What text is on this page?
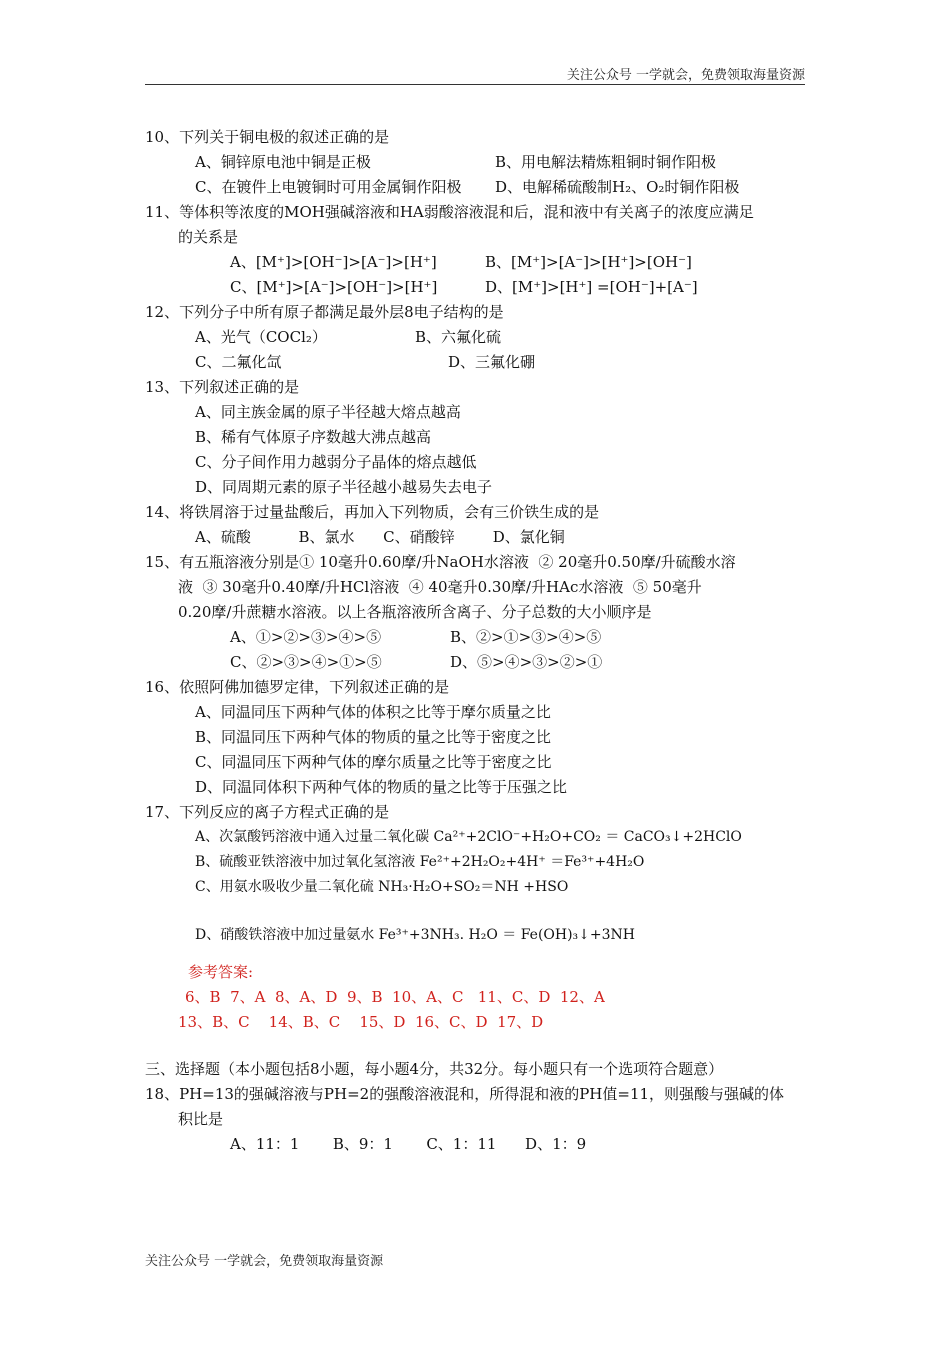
关注公众号 一学就会，免费领取海量资源
10、下列关于铜电极的叙述正确的是
A、铜锌原电池中铜是正极	B、用电解法精炼粗铜时铜作阳极
C、在镀件上电镀铜时可用金属铜作阳极	D、电解稀硫酸制H₂、O₂时铜作阳极
11、等体积等浓度的MOH强碱溶液和HA弱酸溶液混和后，混和液中有关离子的浓度应满足
的关系是
A、[M⁺]>[OH⁻]>[A⁻]>[H⁺]	B、[M⁺]>[A⁻]>[H⁺]>[OH⁻]
C、[M⁺]>[A⁻]>[OH⁻]>[H⁺]	D、[M⁺]>[H⁺] =[OH⁻]+[A⁻]
12、下列分子中所有原子都满足最外层8电子结构的是
A、光气（COCl₂）	B、六氟化硫
C、二氟化氙	D、三氟化硼
13、下列叙述正确的是
A、同主族金属的原子半径越大熔点越高
B、稀有气体原子序数越大沸点越高
C、分子间作用力越弱分子晶体的熔点越低
D、同周期元素的原子半径越小越易失去电子
14、将铁屑溶于过量盐酸后，再加入下列物质，会有三价铁生成的是
A、硫酸          B、氯水      C、硝酸锌        D、氯化铜
15、有五瓶溶液分别是① 10毫升0.60摩/升NaOH水溶液  ② 20毫升0.50摩/升硫酸水溶
液  ③ 30毫升0.40摩/升HCl溶液  ④ 40毫升0.30摩/升HAc水溶液  ⑤ 50毫升
0.20摩/升蔗糖水溶液。以上各瓶溶液所含离子、分子总数的大小顺序是
A、①>②>③>④>⑤	B、②>①>③>④>⑤
C、②>③>④>①>⑤	D、⑤>④>③>②>①
16、依照阿佛加德罗定律，下列叙述正确的是
A、同温同压下两种气体的体积之比等于摩尔质量之比
B、同温同压下两种气体的物质的量之比等于密度之比
C、同温同压下两种气体的摩尔质量之比等于密度之比
D、同温同体积下两种气体的物质的量之比等于压强之比
17、下列反应的离子方程式正确的是
A、次氯酸钙溶液中通入过量二氧化碳 Ca²⁺+2ClO⁻+H₂O+CO₂ ＝ CaCO₃↓+2HClO
B、硫酸亚铁溶液中加过氧化氢溶液 Fe²⁺+2H₂O₂+4H⁺ ＝Fe³⁺+4H₂O
C、用氨水吸收少量二氧化硫 NH₃·H₂O+SO₂＝NH +HSO
D、硝酸铁溶液中加过量氨水 Fe³⁺+3NH₃. H₂O ＝ Fe(OH)₃↓+3NH
参考答案:
6、B  7、A  8、A、D  9、B  10、A、C   11、C、D  12、A
13、B、C    14、B、C    15、D  16、C、D  17、D
三、选择题（本小题包括8小题，每小题4分，共32分。每小题只有一个选项符合题意）
18、PH=13的强碱溶液与PH=2的强酸溶液混和，所得混和液的PH值=11，则强酸与强碱的体
积比是
A、11：1       B、9：1       C、1：11      D、1：9
关注公众号 一学就会，免费领取海量资源
